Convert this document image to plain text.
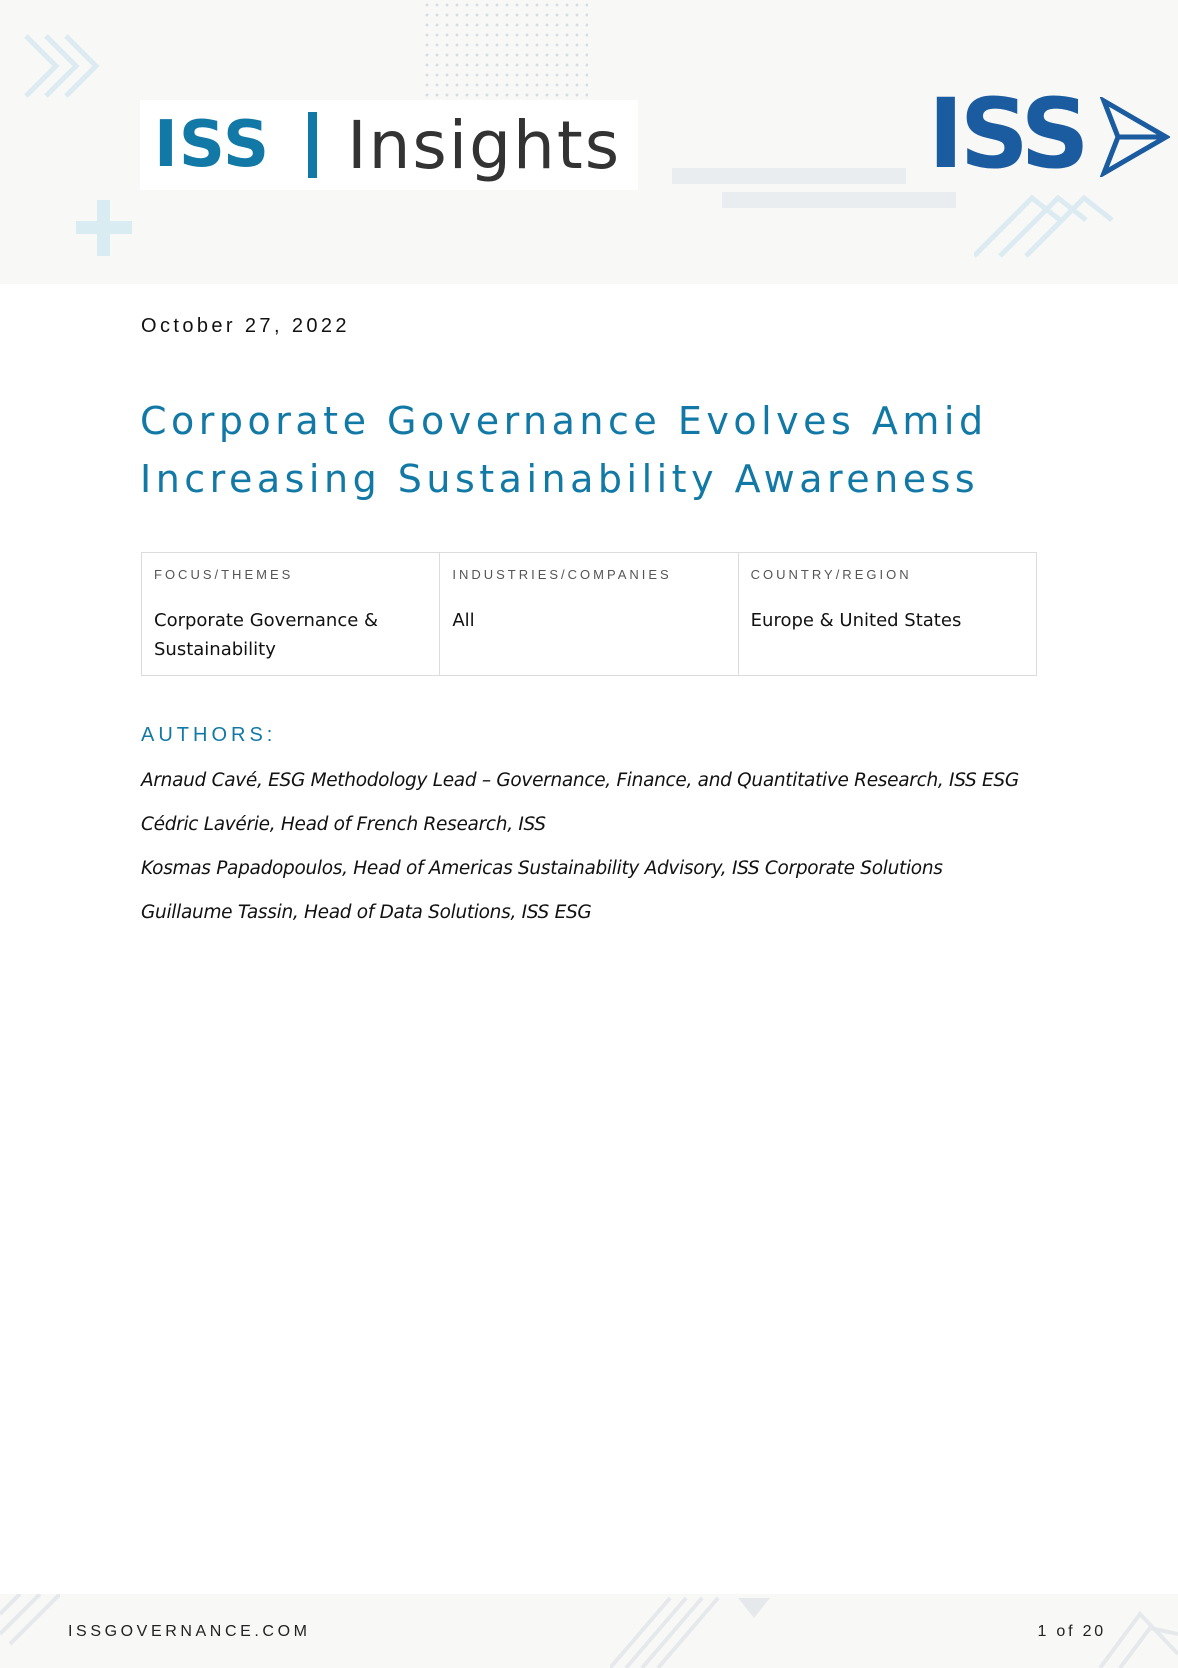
ISS Insights	ISS
October 27, 2022
Corporate Governance Evolves Amid Increasing Sustainability Awareness
FOCUS/THEMES
Corporate Governance & Sustainability
INDUSTRIES/COMPANIES
All
COUNTRY/REGION
Europe & United States
AUTHORS:
Arnaud Cavé, ESG Methodology Lead – Governance, Finance, and Quantitative Research, ISS ESG
Cédric Lavérie, Head of French Research, ISS
Kosmas Papadopoulos, Head of Americas Sustainability Advisory, ISS Corporate Solutions
Guillaume Tassin, Head of Data Solutions, ISS ESG
ISSGOVERNANCE.COM	1 of 20
